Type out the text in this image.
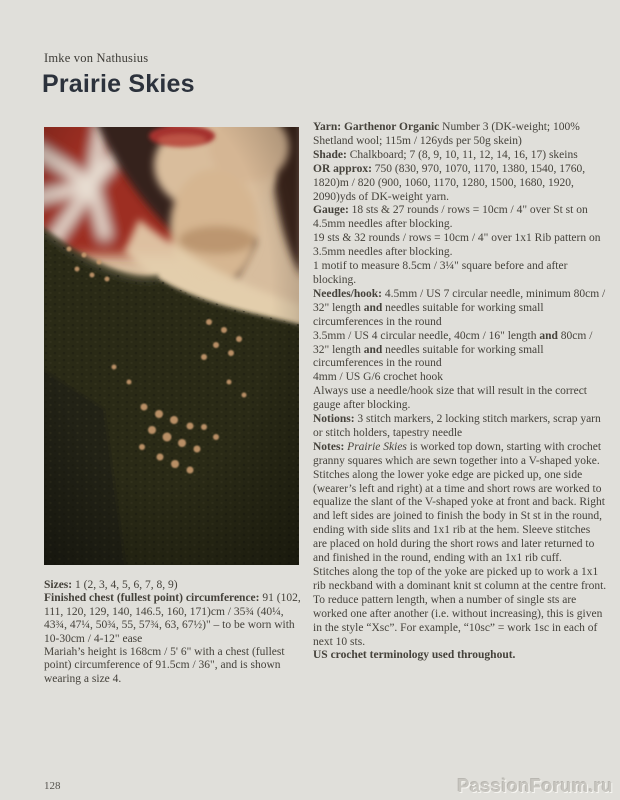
Imke von Nathusius
Prairie Skies

Sizes: 1 (2, 3, 4, 5, 6, 7, 8, 9)

Finished chest (fullest point) circumference: 91 (102, 111, 120, 129, 140, 146.5, 160, 171)cm / 35¾ (40¼, 43¾, 47¼, 50¾, 55, 57¾, 63, 67½)" – to be worn with 10-30cm / 4-12" ease

Mariah’s height is 168cm / 5' 6" with a chest (fullest point) circumference of 91.5cm / 36", and is shown wearing a size 4.

Yarn: Garthenor Organic Number 3 (DK-weight; 100% Shetland wool; 115m / 126yds per 50g skein)

Shade: Chalkboard; 7 (8, 9, 10, 11, 12, 14, 16, 17) skeins

OR approx: 750 (830, 970, 1070, 1170, 1380, 1540, 1760, 1820)m / 820 (900, 1060, 1170, 1280, 1500, 1680, 1920, 2090)yds of DK-weight yarn.

Gauge: 18 sts & 27 rounds / rows = 10cm / 4" over St st on 4.5mm needles after blocking.

19 sts & 32 rounds / rows = 10cm / 4" over 1x1 Rib pattern on 3.5mm needles after blocking.

1 motif to measure 8.5cm / 3¼" square before and after blocking.

Needles/hook: 4.5mm / US 7 circular needle, minimum 80cm / 32" length and needles suitable for working small circumferences in the round

3.5mm / US 4 circular needle, 40cm / 16" length and 80cm / 32" length and needles suitable for working small circumferences in the round

4mm / US G/6 crochet hook

Always use a needle/hook size that will result in the correct gauge after blocking.

Notions: 3 stitch markers, 2 locking stitch markers, scrap yarn or stitch holders, tapestry needle

Notes: Prairie Skies is worked top down, starting with crochet granny squares which are sewn together into a V-shaped yoke. Stitches along the lower yoke edge are picked up, one side (wearer’s left and right) at a time and short rows are worked to equalize the slant of the V-shaped yoke at front and back. Right and left sides are joined to finish the body in St st in the round, ending with side slits and 1x1 rib at the hem. Sleeve stitches are placed on hold during the short rows and later returned to and finished in the round, ending with an 1x1 rib cuff.

Stitches along the top of the yoke are picked up to work a 1x1 rib neckband with a dominant knit st column at the centre front.

To reduce pattern length, when a number of single sts are worked one after another (i.e. without increasing), this is given in the style “Xsc”. For example, “10sc” = work 1sc in each of next 10 sts.

US crochet terminology used throughout.

128	PassionForum.ru
